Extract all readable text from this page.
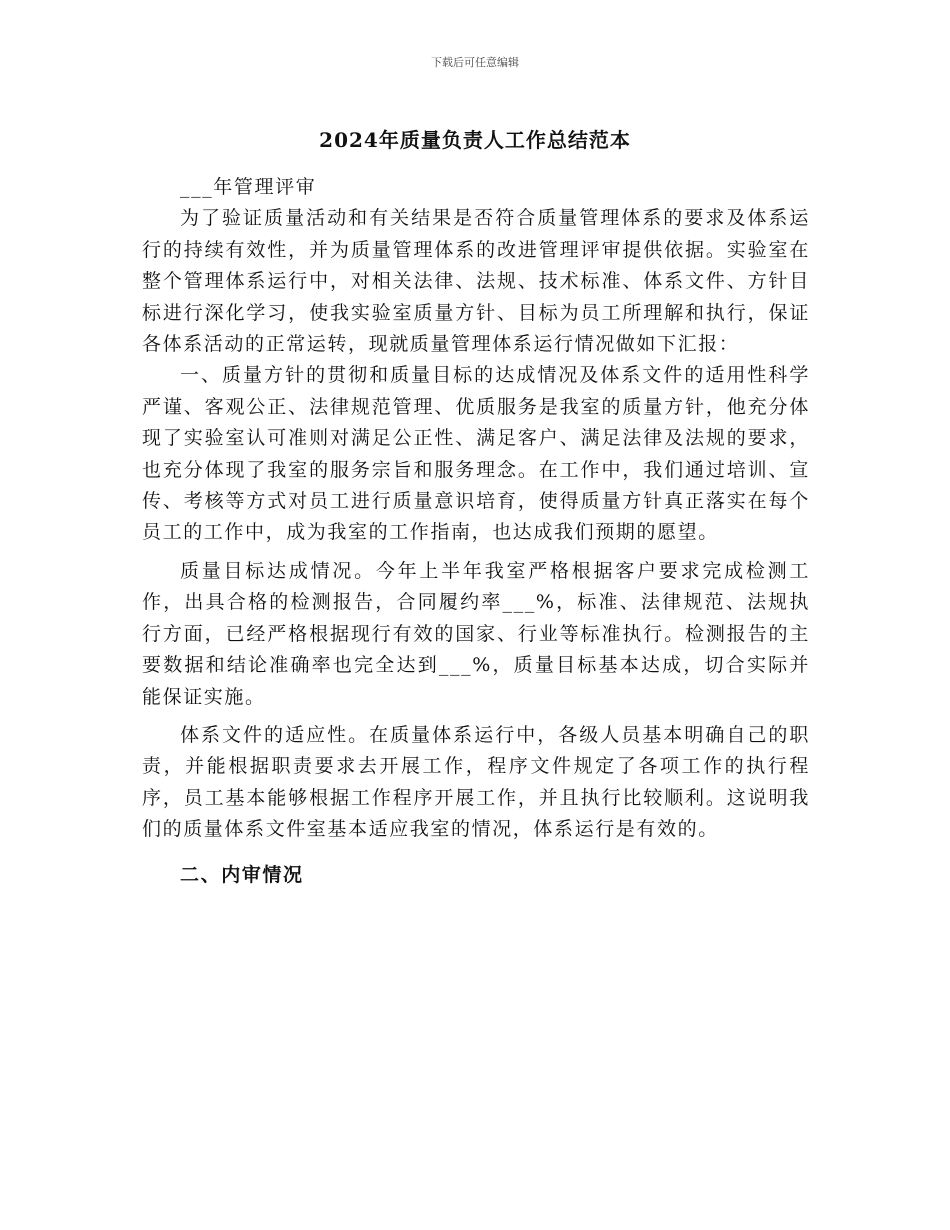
下载后可任意编辑
2024年质量负责人工作总结范本

___年管理评审

为了验证质量活动和有关结果是否符合质量管理体系的要求及体系运行的持续有效性，并为质量管理体系的改进管理评审提供依据。实验室在整个管理体系运行中，对相关法律、法规、技术标准、体系文件、方针目标进行深化学习，使我实验室质量方针、目标为员工所理解和执行，保证各体系活动的正常运转，现就质量管理体系运行情况做如下汇报：

一、质量方针的贯彻和质量目标的达成情况及体系文件的适用性科学严谨、客观公正、法律规范管理、优质服务是我室的质量方针，他充分体现了实验室认可准则对满足公正性、满足客户、满足法律及法规的要求，也充分体现了我室的服务宗旨和服务理念。在工作中，我们通过培训、宣传、考核等方式对员工进行质量意识培育，使得质量方针真正落实在每个员工的工作中，成为我室的工作指南，也达成我们预期的愿望。

质量目标达成情况。今年上半年我室严格根据客户要求完成检测工作，出具合格的检测报告，合同履约率___%，标准、法律规范、法规执行方面，已经严格根据现行有效的国家、行业等标准执行。检测报告的主要数据和结论准确率也完全达到___%，质量目标基本达成，切合实际并能保证实施。

体系文件的适应性。在质量体系运行中，各级人员基本明确自己的职责，并能根据职责要求去开展工作，程序文件规定了各项工作的执行程序，员工基本能够根据工作程序开展工作，并且执行比较顺利。这说明我们的质量体系文件室基本适应我室的情况，体系运行是有效的。

二、内审情况
